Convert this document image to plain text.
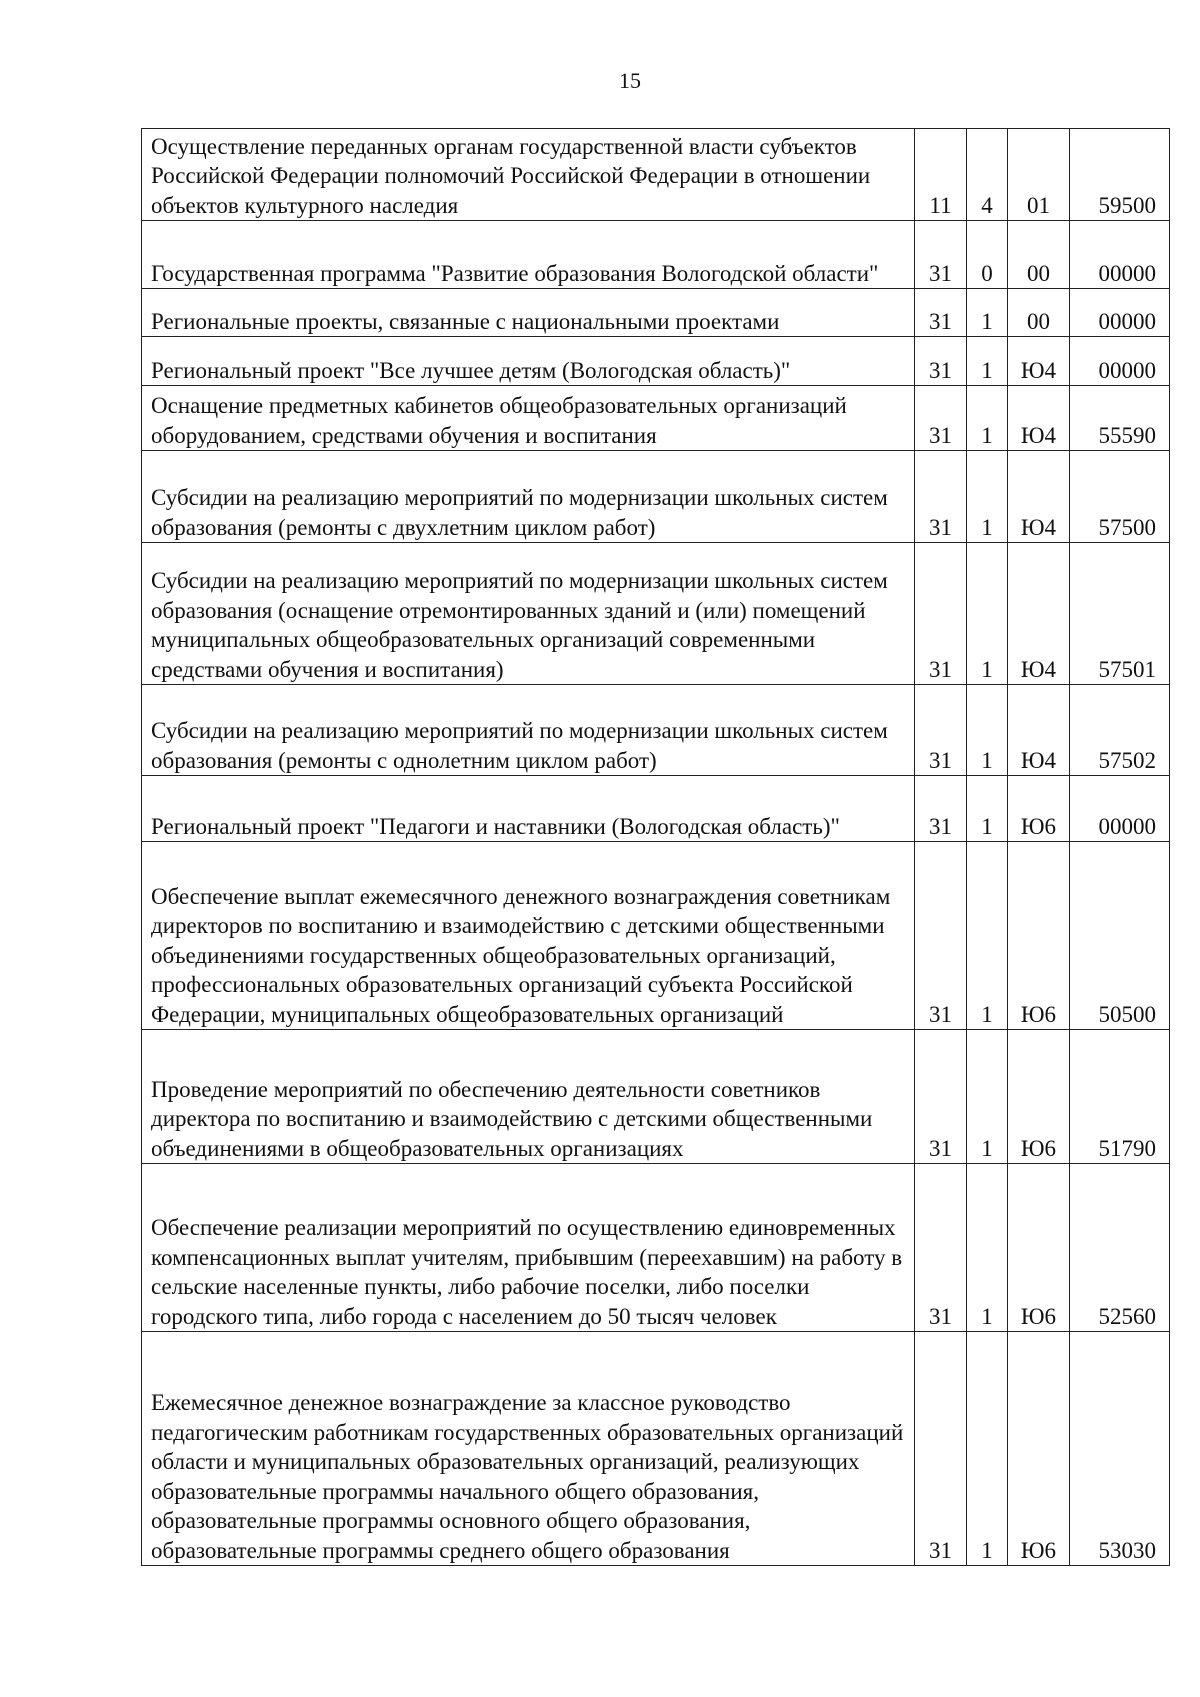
15
Осуществление переданных органам государственной власти субъектов Российской Федерации полномочий Российской Федерации в отношении объектов культурного наследия	11	4	01	59500
Государственная программа "Развитие образования Вологодской области"	31	0	00	00000
Региональные проекты, связанные с национальными проектами	31	1	00	00000
Региональный проект "Все лучшее детям (Вологодская область)"	31	1	Ю4	00000
Оснащение предметных кабинетов общеобразовательных организаций оборудованием, средствами обучения и воспитания	31	1	Ю4	55590
Субсидии на реализацию мероприятий по модернизации школьных систем образования (ремонты с двухлетним циклом работ)	31	1	Ю4	57500
Субсидии на реализацию мероприятий по модернизации школьных систем образования (оснащение отремонтированных зданий и (или) помещений муниципальных общеобразовательных организаций современными средствами обучения и воспитания)	31	1	Ю4	57501
Субсидии на реализацию мероприятий по модернизации школьных систем образования (ремонты с однолетним циклом работ)	31	1	Ю4	57502
Региональный проект "Педагоги и наставники (Вологодская область)"	31	1	Ю6	00000
Обеспечение выплат ежемесячного денежного вознаграждения советникам директоров по воспитанию и взаимодействию с детскими общественными объединениями государственных общеобразовательных организаций, профессиональных образовательных организаций субъекта Российской Федерации, муниципальных общеобразовательных организаций	31	1	Ю6	50500
Проведение мероприятий по обеспечению деятельности советников директора по воспитанию и взаимодействию с детскими общественными объединениями в общеобразовательных организациях	31	1	Ю6	51790
Обеспечение реализации мероприятий по осуществлению единовременных компенсационных выплат учителям, прибывшим (переехавшим) на работу в сельские населенные пункты, либо рабочие поселки, либо поселки городского типа, либо города с населением до 50 тысяч человек	31	1	Ю6	52560
Ежемесячное денежное вознаграждение за классное руководство педагогическим работникам государственных образовательных организаций области и муниципальных образовательных организаций, реализующих образовательные программы начального общего образования, образовательные программы основного общего образования, образовательные программы среднего общего образования	31	1	Ю6	53030
